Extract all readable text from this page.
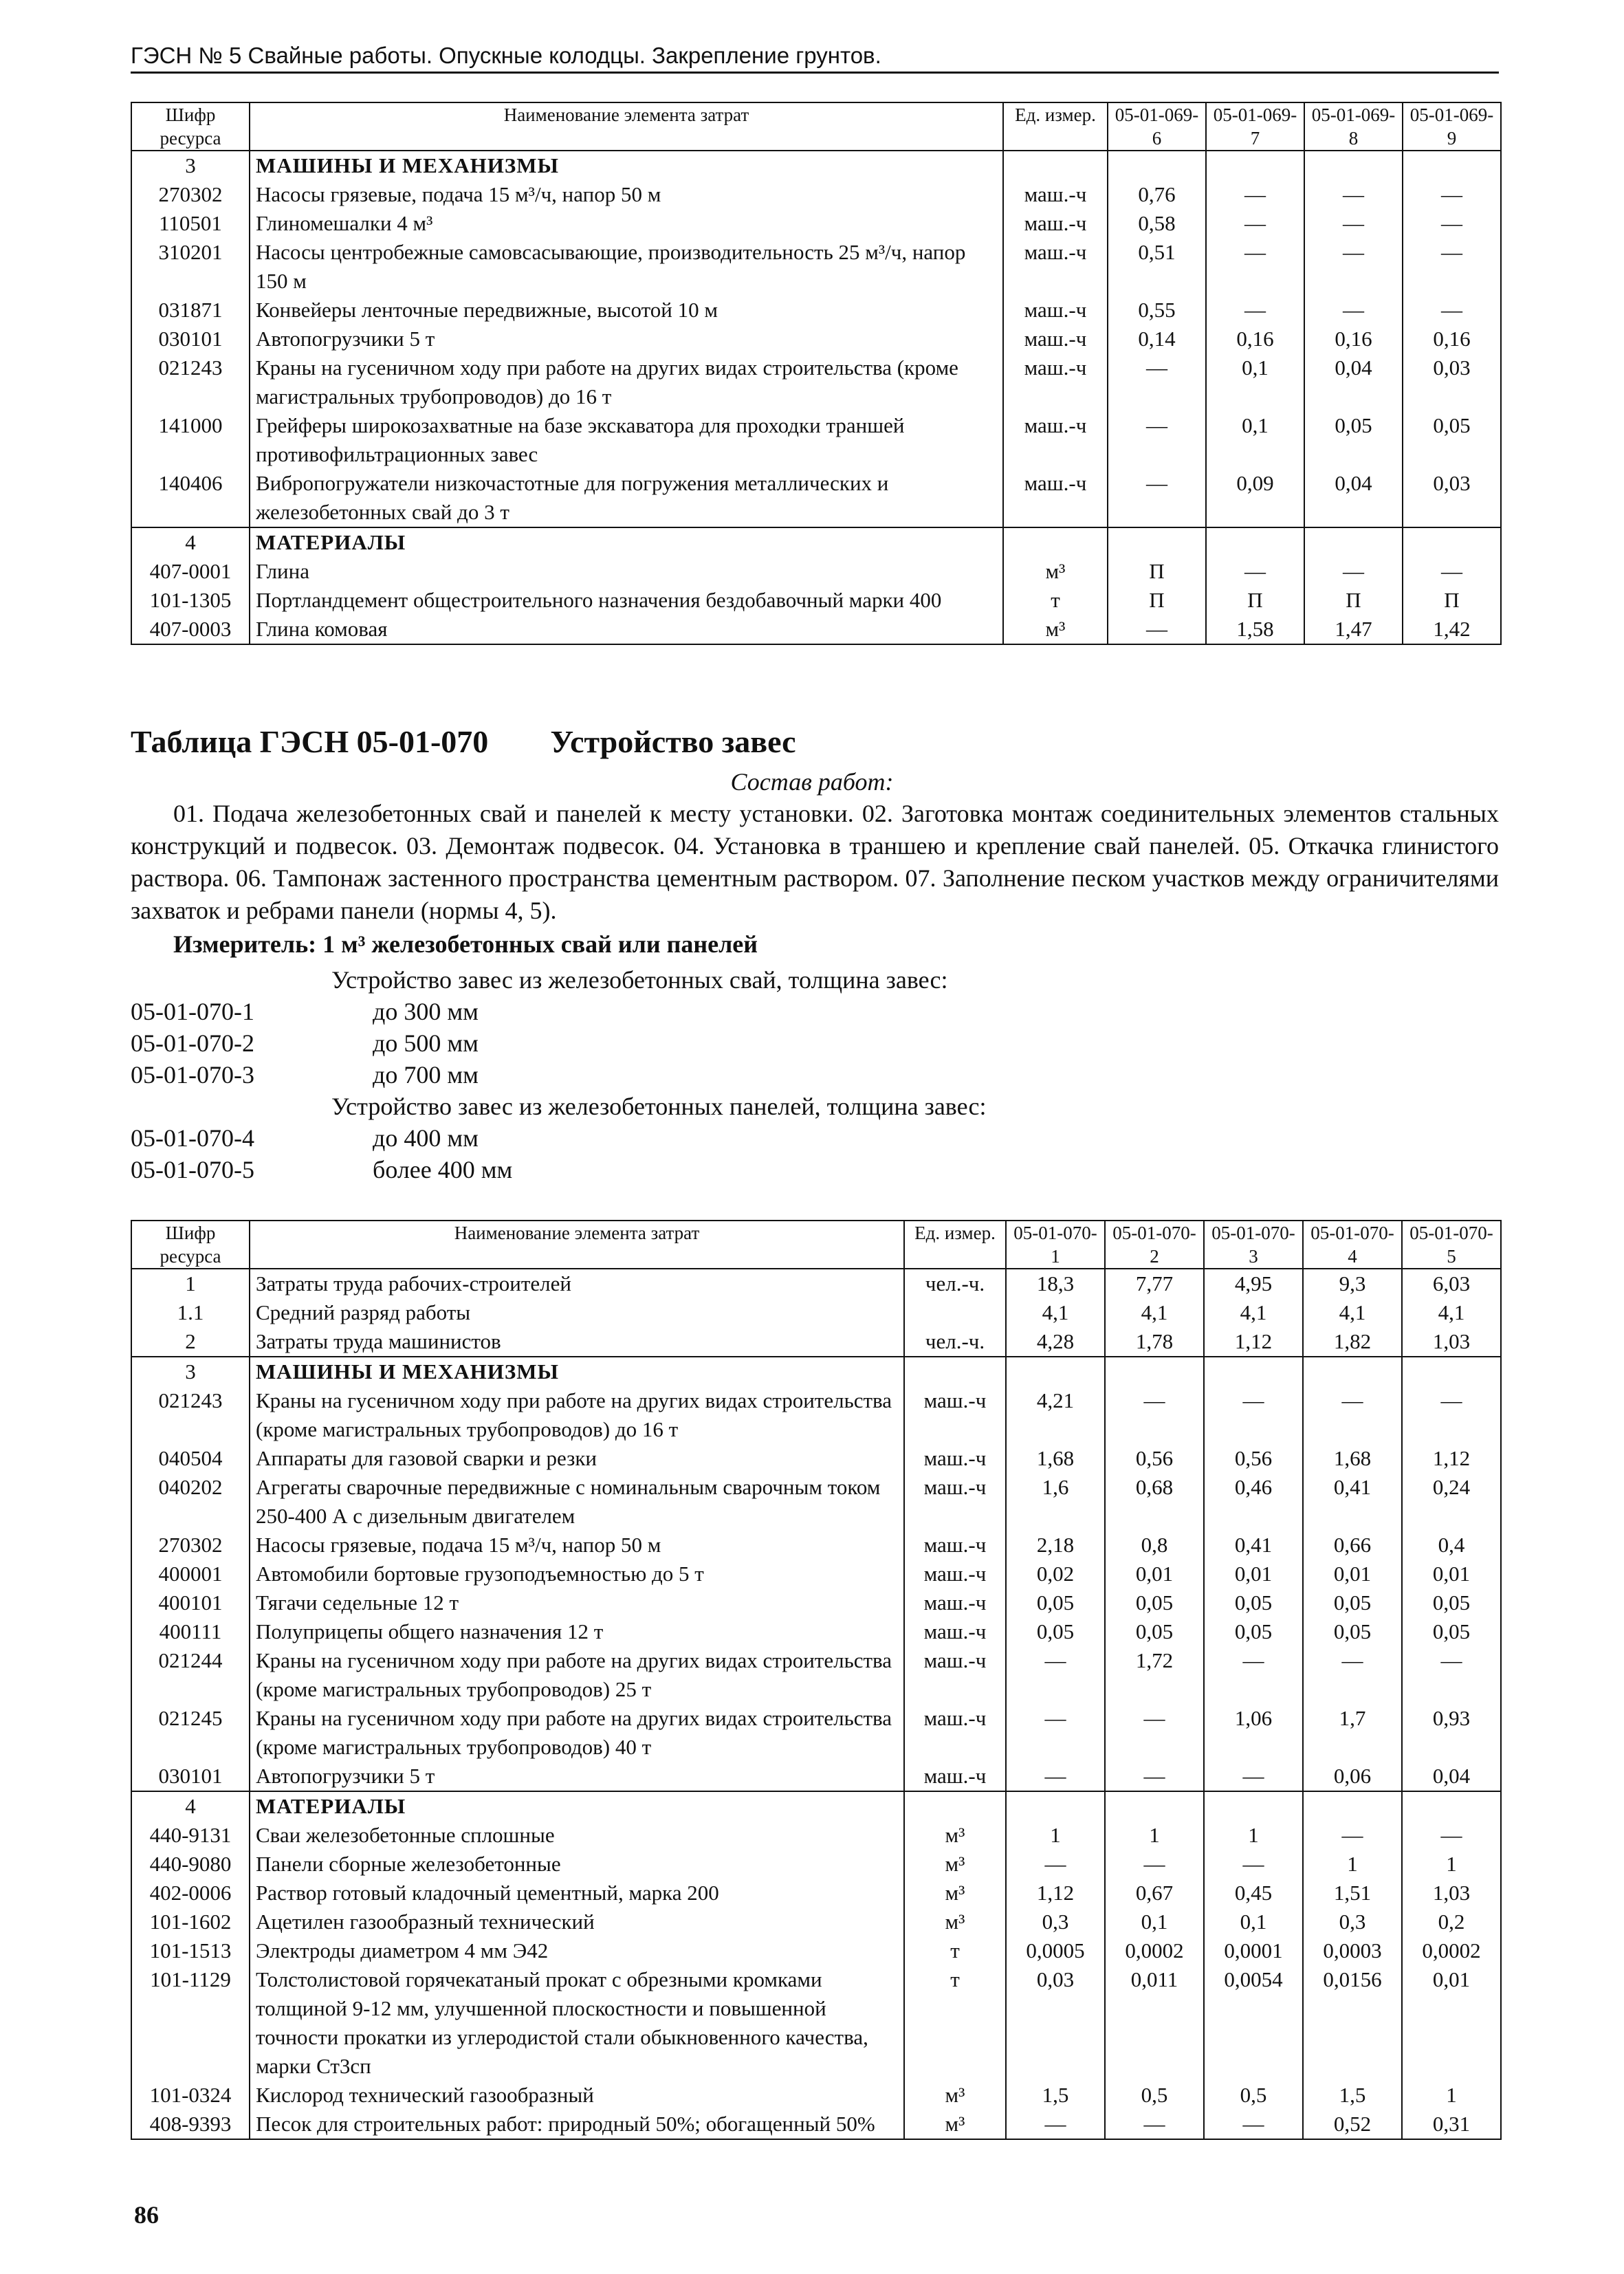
ГЭСН № 5 Свайные работы. Опускные колодцы. Закрепление грунтов.
Шифр ресурса	Наименование элемента затрат	Ед. измер.	05-01-069-6	05-01-069-7	05-01-069-8	05-01-069-9
3	МАШИНЫ И МЕХАНИЗМЫ					
270302	Насосы грязевые, подача 15 м³/ч, напор 50 м	маш.-ч	0,76	—	—	—
110501	Глиномешалки 4 м³	маш.-ч	0,58	—	—	—
310201	Насосы центробежные самовсасывающие, производительность 25 м³/ч, напор 150 м	маш.-ч	0,51	—	—	—
031871	Конвейеры ленточные передвижные, высотой 10 м	маш.-ч	0,55	—	—	—
030101	Автопогрузчики 5 т	маш.-ч	0,14	0,16	0,16	0,16
021243	Краны на гусеничном ходу при работе на других видах строительства (кроме магистральных трубопроводов) до 16 т	маш.-ч	—	0,1	0,04	0,03
141000	Грейферы широкозахватные на базе экскаватора для проходки траншей противофильтрационных завес	маш.-ч	—	0,1	0,05	0,05
140406	Вибропогружатели низкочастотные для погружения металлических и железобетонных свай до 3 т	маш.-ч	—	0,09	0,04	0,03
4	МАТЕРИАЛЫ					
407-0001	Глина	м³	П	—	—	—
101-1305	Портландцемент общестроительного назначения бездобавочный марки 400	т	П	П	П	П
407-0003	Глина комовая	м³	—	1,58	1,47	1,42
Таблица ГЭСН 05-01-070 Устройство завес
Состав работ:
01. Подача железобетонных свай и панелей к месту установки. 02. Заготовка монтаж соединительных элементов стальных конструкций и подвесок. 03. Демонтаж подвесок. 04. Установка в траншею и крепление свай панелей. 05. Откачка глинистого раствора. 06. Тампонаж застенного пространства цементным раствором. 07. Заполнение песком участков между ограничителями захваток и ребрами панели (нормы 4, 5).
Измеритель: 1 м³ железобетонных свай или панелей
Устройство завес из железобетонных свай, толщина завес:
05-01-070-1	до 300 мм
05-01-070-2	до 500 мм
05-01-070-3	до 700 мм
Устройство завес из железобетонных панелей, толщина завес:
05-01-070-4	до 400 мм
05-01-070-5	более 400 мм
Шифр ресурса	Наименование элемента затрат	Ед. измер.	05-01-070-1	05-01-070-2	05-01-070-3	05-01-070-4	05-01-070-5
1	Затраты труда рабочих-строителей	чел.-ч.	18,3	7,77	4,95	9,3	6,03
1.1	Средний разряд работы		4,1	4,1	4,1	4,1	4,1
2	Затраты труда машинистов	чел.-ч.	4,28	1,78	1,12	1,82	1,03
3	МАШИНЫ И МЕХАНИЗМЫ						
021243	Краны на гусеничном ходу при работе на других видах строительства (кроме магистральных трубопроводов) до 16 т	маш.-ч	4,21	—	—	—	—
040504	Аппараты для газовой сварки и резки	маш.-ч	1,68	0,56	0,56	1,68	1,12
040202	Агрегаты сварочные передвижные с номинальным сварочным током 250-400 А с дизельным двигателем	маш.-ч	1,6	0,68	0,46	0,41	0,24
270302	Насосы грязевые, подача 15 м³/ч, напор 50 м	маш.-ч	2,18	0,8	0,41	0,66	0,4
400001	Автомобили бортовые грузоподъемностью до 5 т	маш.-ч	0,02	0,01	0,01	0,01	0,01
400101	Тягачи седельные 12 т	маш.-ч	0,05	0,05	0,05	0,05	0,05
400111	Полуприцепы общего назначения 12 т	маш.-ч	0,05	0,05	0,05	0,05	0,05
021244	Краны на гусеничном ходу при работе на других видах строительства (кроме магистральных трубопроводов) 25 т	маш.-ч	—	1,72	—	—	—
021245	Краны на гусеничном ходу при работе на других видах строительства (кроме магистральных трубопроводов) 40 т	маш.-ч	—	—	1,06	1,7	0,93
030101	Автопогрузчики 5 т	маш.-ч	—	—	—	0,06	0,04
4	МАТЕРИАЛЫ						
440-9131	Сваи железобетонные сплошные	м³	1	1	1	—	—
440-9080	Панели сборные железобетонные	м³	—	—	—	1	1
402-0006	Раствор готовый кладочный цементный, марка 200	м³	1,12	0,67	0,45	1,51	1,03
101-1602	Ацетилен газообразный технический	м³	0,3	0,1	0,1	0,3	0,2
101-1513	Электроды диаметром 4 мм Э42	т	0,0005	0,0002	0,0001	0,0003	0,0002
101-1129	Толстолистовой горячекатаный прокат с обрезными кромками толщиной 9-12 мм, улучшенной плоскостности и повышенной точности прокатки из углеродистой стали обыкновенного качества, марки Ст3сп	т	0,03	0,011	0,0054	0,0156	0,01
101-0324	Кислород технический газообразный	м³	1,5	0,5	0,5	1,5	1
408-9393	Песок для строительных работ: природный 50%; обогащенный 50%	м³	—	—	—	0,52	0,31
86
